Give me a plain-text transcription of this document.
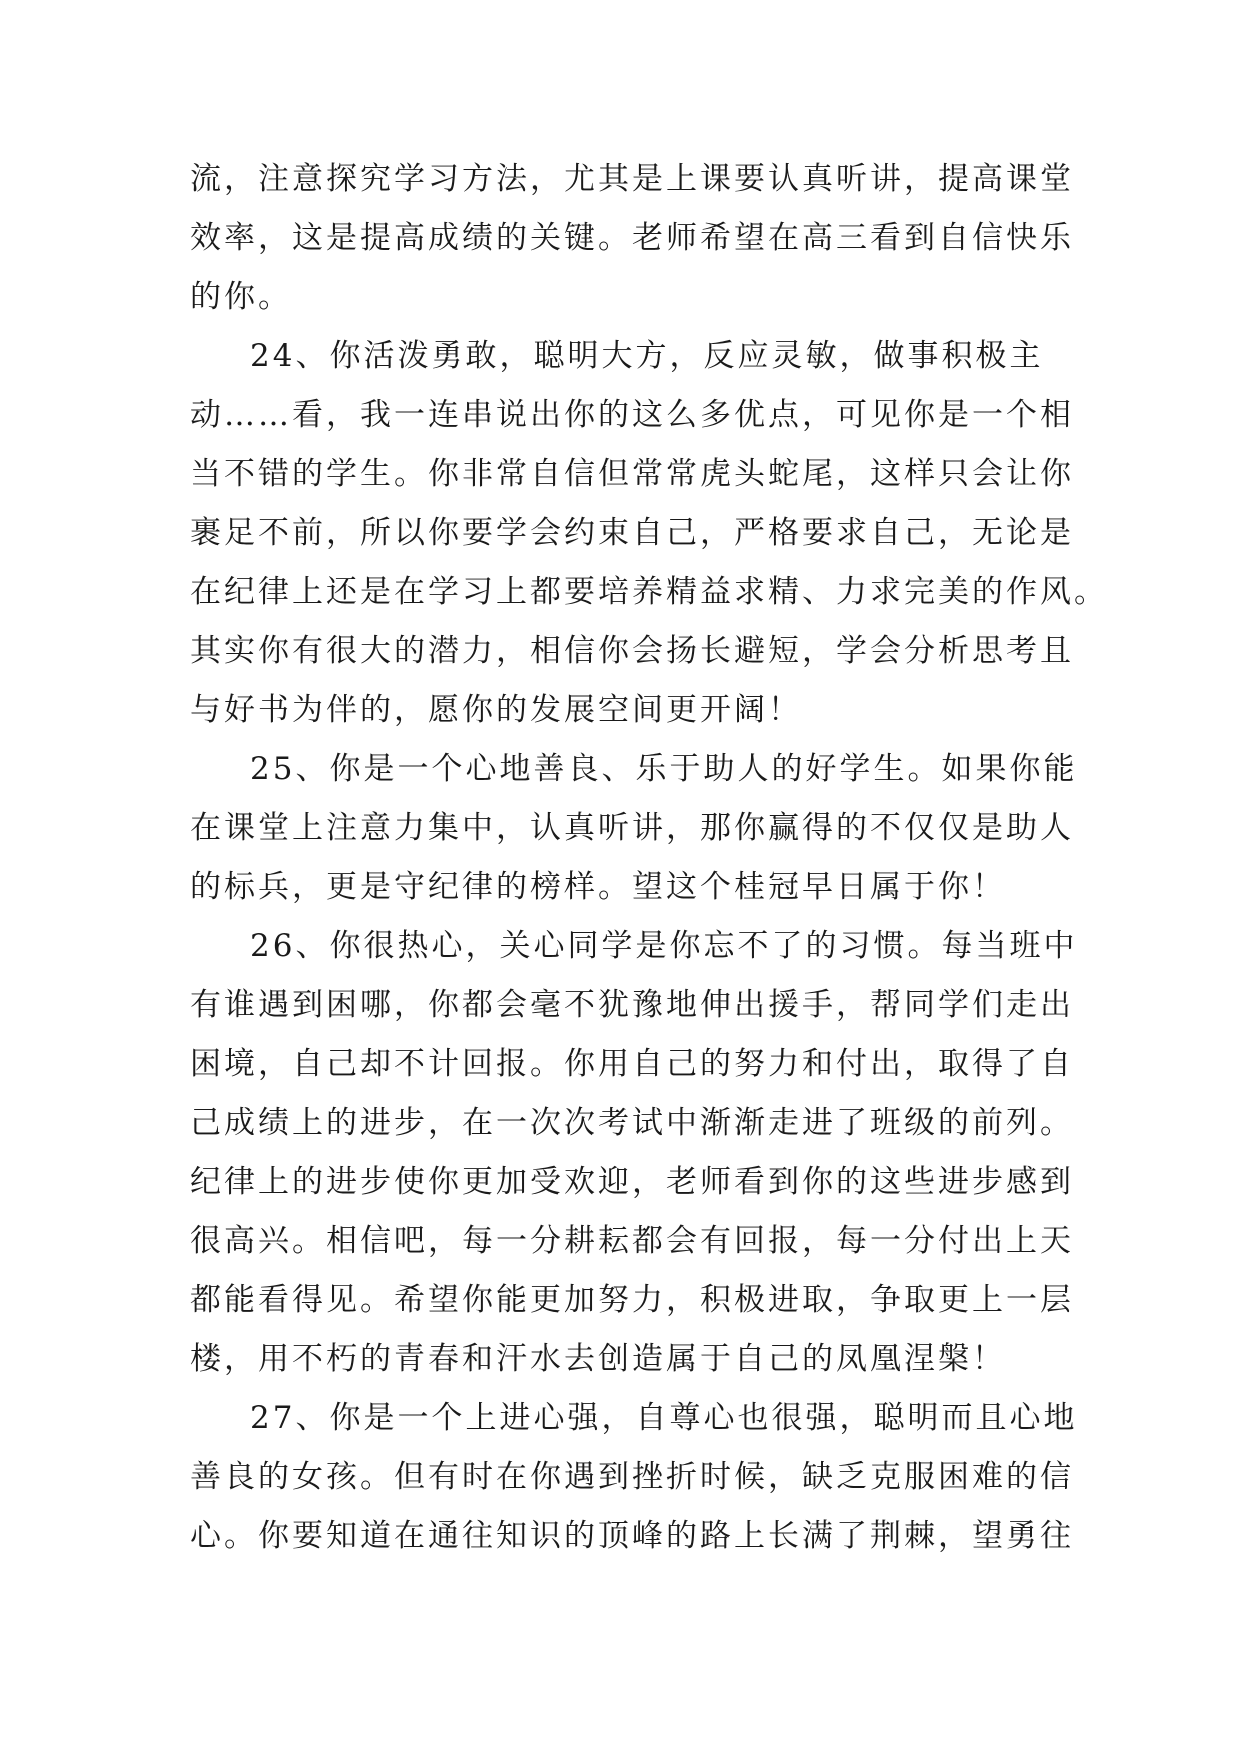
流，注意探究学习方法，尤其是上课要认真听讲，提高课堂
效率，这是提高成绩的关键。老师希望在高三看到自信快乐
的你。
24、你活泼勇敢，聪明大方，反应灵敏，做事积极主
动……看，我一连串说出你的这么多优点，可见你是一个相
当不错的学生。你非常自信但常常虎头蛇尾，这样只会让你
裹足不前，所以你要学会约束自己，严格要求自己，无论是
在纪律上还是在学习上都要培养精益求精、力求完美的作风。
其实你有很大的潜力，相信你会扬长避短，学会分析思考且
与好书为伴的，愿你的发展空间更开阔！
25、你是一个心地善良、乐于助人的好学生。如果你能
在课堂上注意力集中，认真听讲，那你赢得的不仅仅是助人
的标兵，更是守纪律的榜样。望这个桂冠早日属于你！
26、你很热心，关心同学是你忘不了的习惯。每当班中
有谁遇到困哪，你都会毫不犹豫地伸出援手，帮同学们走出
困境，自己却不计回报。你用自己的努力和付出，取得了自
己成绩上的进步，在一次次考试中渐渐走进了班级的前列。
纪律上的进步使你更加受欢迎，老师看到你的这些进步感到
很高兴。相信吧，每一分耕耘都会有回报，每一分付出上天
都能看得见。希望你能更加努力，积极进取，争取更上一层
楼，用不朽的青春和汗水去创造属于自己的凤凰涅槃！
27、你是一个上进心强，自尊心也很强，聪明而且心地
善良的女孩。但有时在你遇到挫折时候，缺乏克服困难的信
心。你要知道在通往知识的顶峰的路上长满了荆棘，望勇往
